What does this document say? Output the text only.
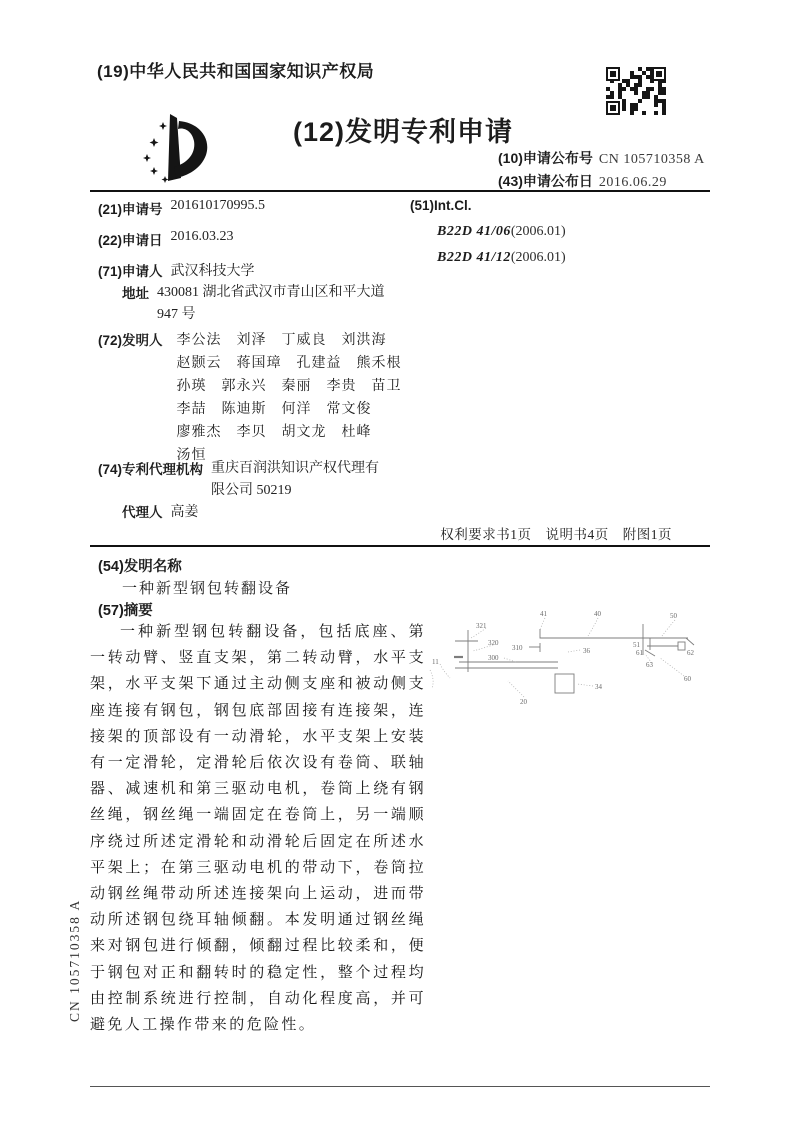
(19)中华人民共和国国家知识产权局
(12)发明专利申请
(10)申请公布号 CN 105710358 A
(43)申请公布日 2016.06.29
(21)申请号 201610170995.5
(22)申请日 2016.03.23
(71)申请人 武汉科技大学
地址 430081 湖北省武汉市青山区和平大道
947 号
(72)发明人 李公法　刘泽　丁威良　刘洪海
赵颢云　蒋国璋　孔建益　熊禾根
孙瑛　郭永兴　秦丽　李贵　苗卫
李喆　陈迪斯　何洋　常文俊
廖雅杰　李贝　胡文龙　杜峰
汤恒
(74)专利代理机构 重庆百润洪知识产权代理有
限公司 50219
代理人 高姜
(51)Int.Cl.
B22D 41/06(2006.01)
B22D 41/12(2006.01)
权利要求书1页　说明书4页　附图1页
(54)发明名称
一种新型钢包转翻设备
(57)摘要
一种新型钢包转翻设备，包括底座、第一转动臂、竖直支架，第二转动臂，水平支架，水平支架下通过主动侧支座和被动侧支座连接有钢包，钢包底部固接有连接架，连接架的顶部设有一动滑轮，水平支架上安装有一定滑轮，定滑轮后依次设有卷筒、联轴器、减速机和第三驱动电机，卷筒上绕有钢丝绳，钢丝绳一端固定在卷筒上，另一端顺序绕过所述定滑轮和动滑轮后固定在所述水平架上；在第三驱动电机的带动下，卷筒拉动钢丝绳带动所述连接架向上运动，进而带动所述钢包绕耳轴倾翻。本发明通过钢丝绳来对钢包进行倾翻，倾翻过程比较柔和，便于钢包对正和翻转时的稳定性，整个过程均由控制系统进行控制，自动化程度高，并可避免人工操作带来的危险性。
321
320
310
300
11
20
41	40	50
36
34
51
61	62
63
60
CN 105710358 A
